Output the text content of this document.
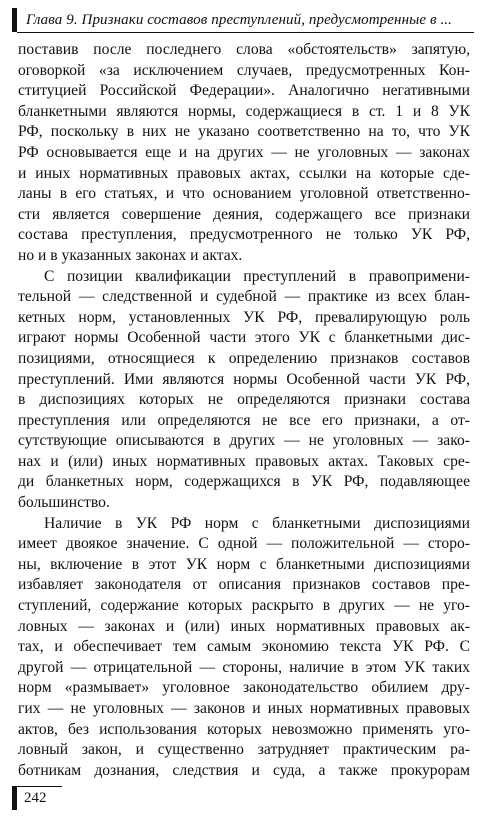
Глава 9. Признаки составов преступлений, предусмотренные в ...
поставив после последнего слова «обстоятельств» запятую,
оговоркой «за исключением случаев, предусмотренных Кон-
ституцией Российской Федерации». Аналогично негативными
бланкетными являются нормы, содержащиеся в ст. 1 и 8 УК
РФ, поскольку в них не указано соответственно на то, что УК
РФ основывается еще и на других — не уголовных — законах
и иных нормативных правовых актах, ссылки на которые сде-
ланы в его статьях, и что основанием уголовной ответственно-
сти является совершение деяния, содержащего все признаки
состава преступления, предусмотренного не только УК РФ,
но и в указанных законах и актах.
С позиции квалификации преступлений в правопримени-
тельной — следственной и судебной — практике из всех блан-
кетных норм, установленных УК РФ, превалирующую роль
играют нормы Особенной части этого УК с бланкетными дис-
позициями, относящиеся к определению признаков составов
преступлений. Ими являются нормы Особенной части УК РФ,
в диспозициях которых не определяются признаки состава
преступления или определяются не все его признаки, а от-
сутствующие описываются в других — не уголовных — зако-
нах и (или) иных нормативных правовых актах. Таковых сре-
ди бланкетных норм, содержащихся в УК РФ, подавляющее
большинство.
Наличие в УК РФ норм с бланкетными диспозициями
имеет двоякое значение. С одной — положительной — сторо-
ны, включение в этот УК норм с бланкетными диспозициями
избавляет законодателя от описания признаков составов пре-
ступлений, содержание которых раскрыто в других — не уго-
ловных — законах и (или) иных нормативных правовых ак-
тах, и обеспечивает тем самым экономию текста УК РФ. С
другой — отрицательной — стороны, наличие в этом УК таких
норм «размывает» уголовное законодательство обилием дру-
гих — не уголовных — законов и иных нормативных правовых
актов, без использования которых невозможно применять уго-
ловный закон, и существенно затрудняет практическим ра-
ботникам дознания, следствия и суда, а также прокурорам
242
